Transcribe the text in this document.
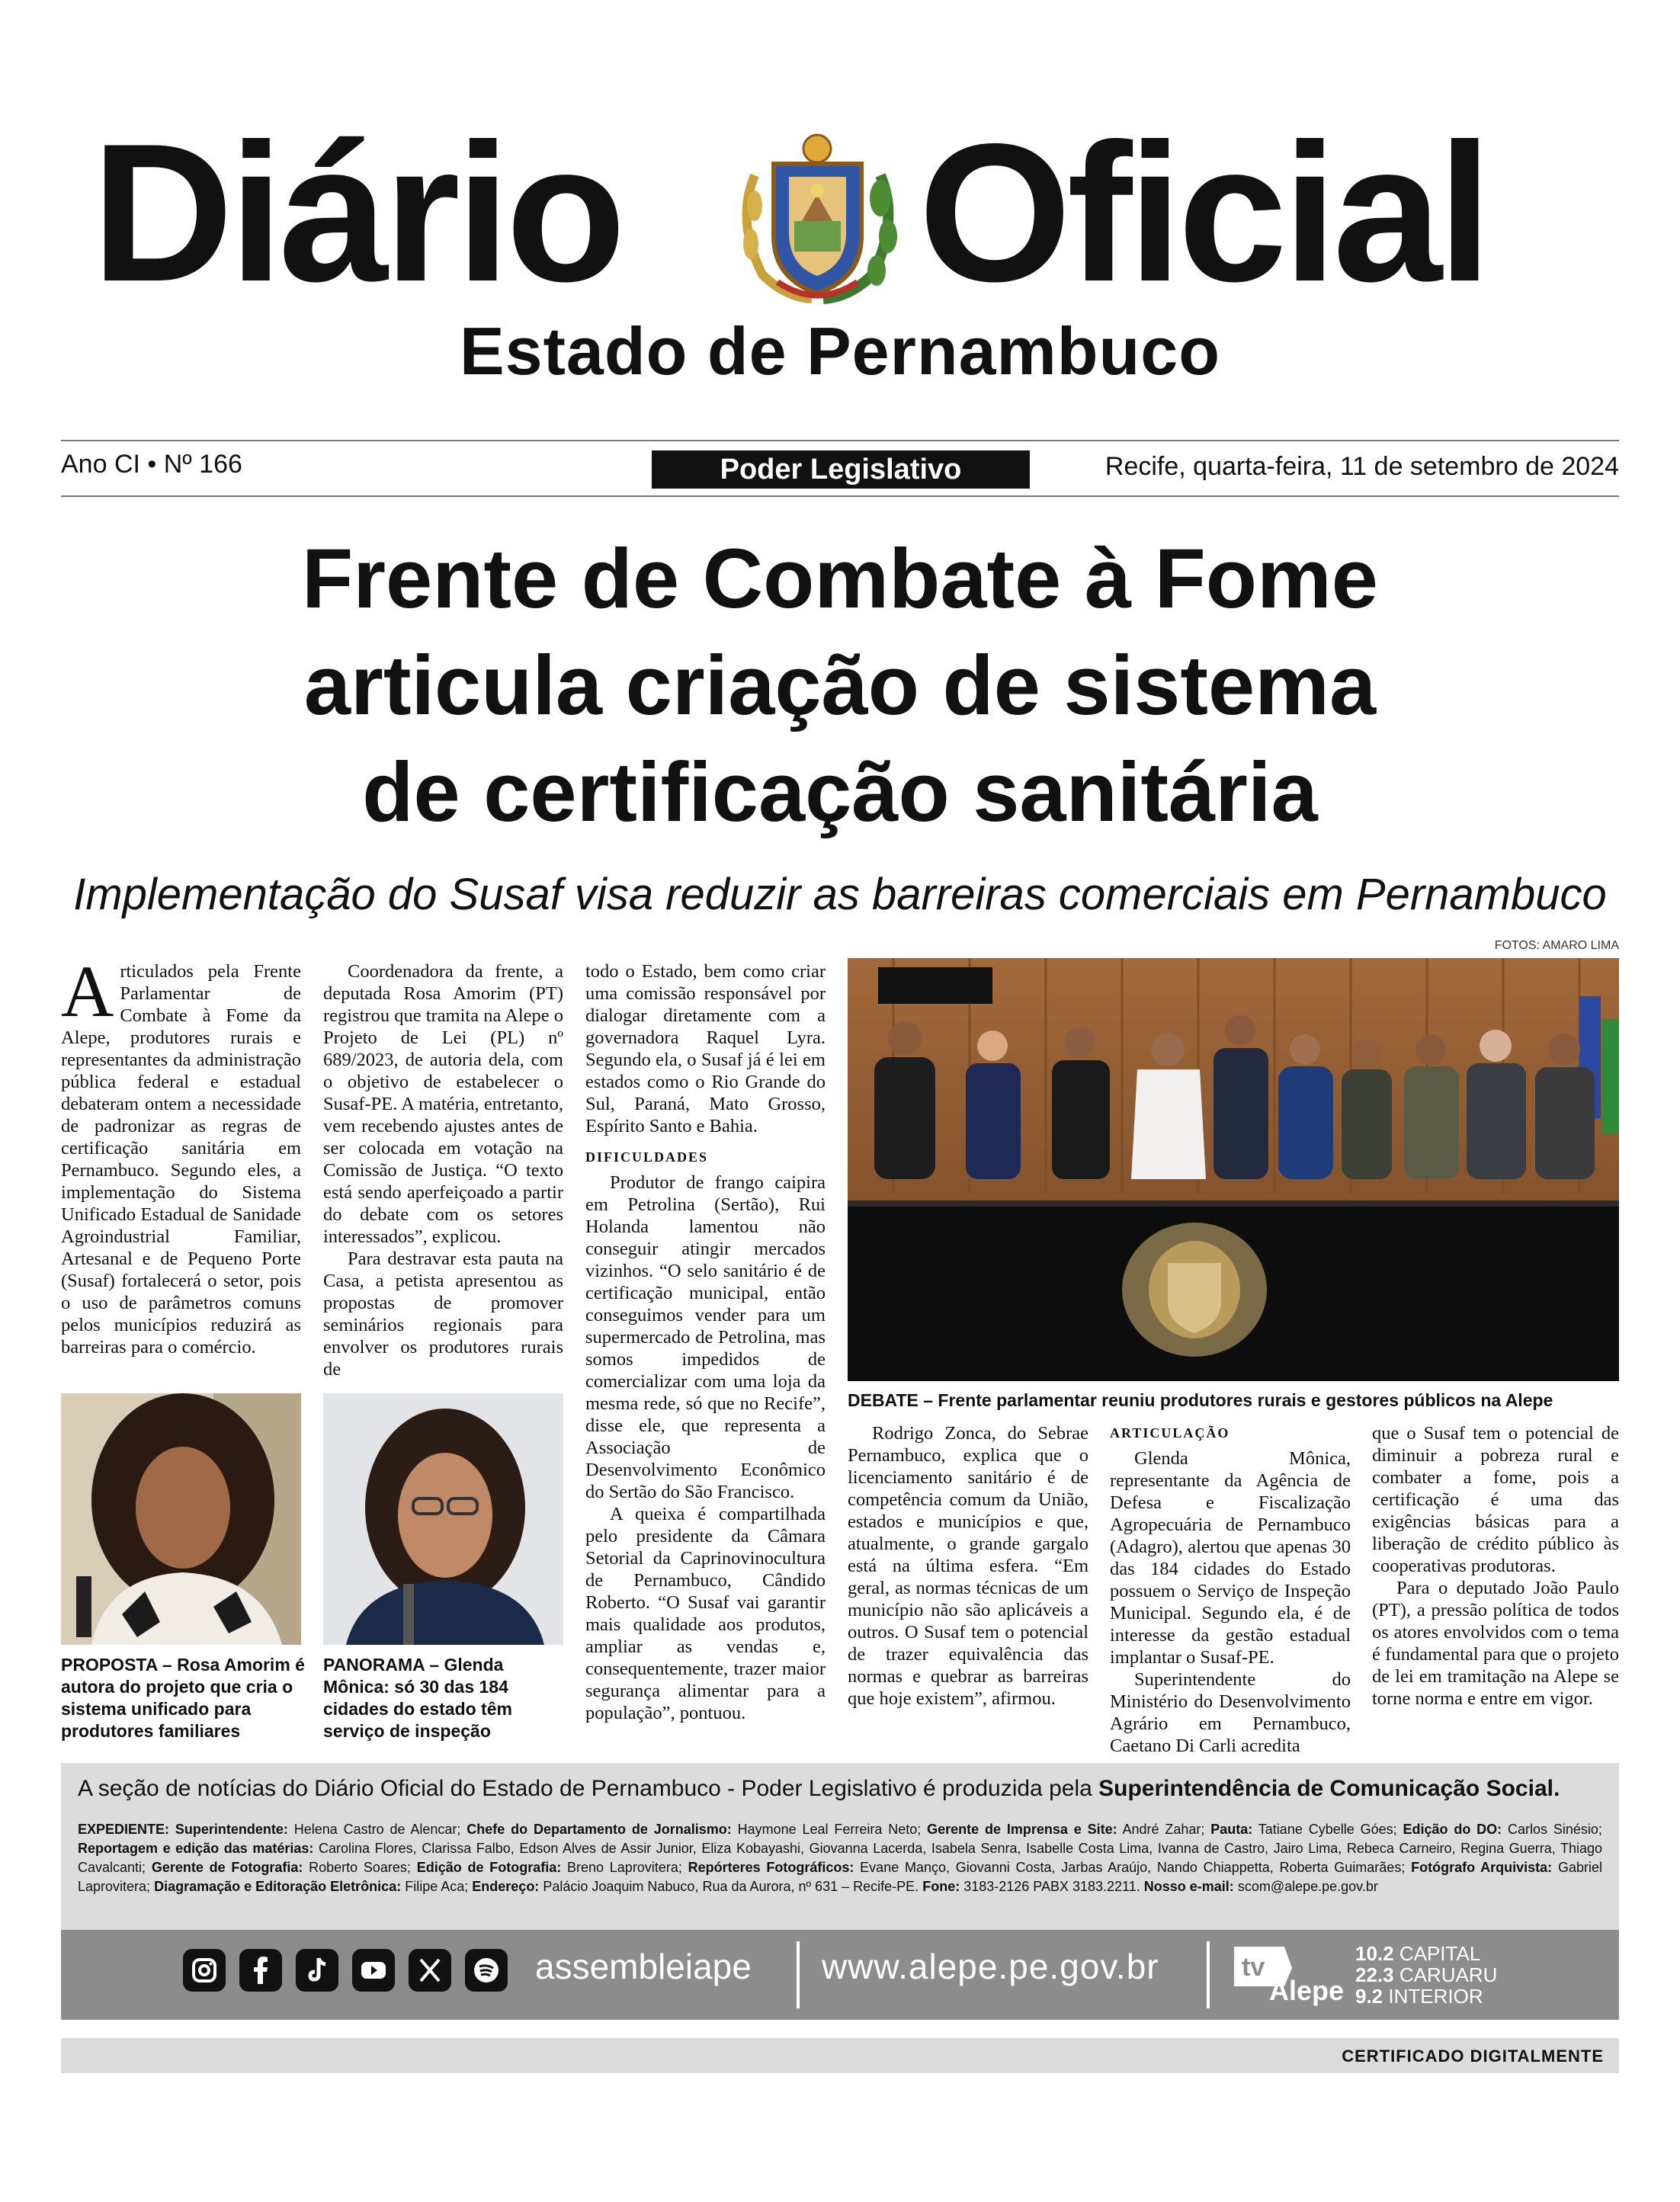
Diário Oficial
Estado de Pernambuco
Ano CI • Nº 166	Poder Legislativo	Recife, quarta-feira, 11 de setembro de 2024
Frente de Combate à Fome
articula criação de sistema
de certificação sanitária
Implementação do Susaf visa reduzir as barreiras comerciais em Pernambuco
FOTOS: AMARO LIMA
A rticulados pela Frente Parlamentar de Combate à Fome da Alepe, produtores rurais e representantes da administração pública federal e estadual debateram ontem a necessidade de padronizar as regras de certificação sanitária em Pernambuco. Segundo eles, a implementação do Sistema Unificado Estadual de Sanidade Agroindustrial Familiar, Artesanal e de Pequeno Porte (Susaf) fortalecerá o setor, pois o uso de parâmetros comuns pelos municípios reduzirá as barreiras para o comércio.

Coordenadora da frente, a deputada Rosa Amorim (PT) registrou que tramita na Alepe o Projeto de Lei (PL) nº 689/2023, de autoria dela, com o objetivo de estabelecer o Susaf-PE. A matéria, entretanto, vem recebendo ajustes antes de ser colocada em votação na Comissão de Justiça. “O texto está sendo aperfeiçoado a partir do debate com os setores interessados”, explicou.

Para destravar esta pauta na Casa, a petista apresentou as propostas de promover seminários regionais para envolver os produtores rurais de

todo o Estado, bem como criar uma comissão responsável por dialogar diretamente com a governadora Raquel Lyra. Segundo ela, o Susaf já é lei em estados como o Rio Grande do Sul, Paraná, Mato Grosso, Espírito Santo e Bahia.

DIFICULDADES

Produtor de frango caipira em Petrolina (Sertão), Rui Holanda lamentou não conseguir atingir mercados vizinhos. “O selo sanitário é de certificação municipal, então conseguimos vender para um supermercado de Petrolina, mas somos impedidos de comercializar com uma loja da mesma rede, só que no Recife”, disse ele, que representa a Associação de Desenvolvimento Econômico do Sertão do São Francisco.

A queixa é compartilhada pelo presidente da Câmara Setorial da Caprinovinocultura de Pernambuco, Cândido Roberto. “O Susaf vai garantir mais qualidade aos produtos, ampliar as vendas e, consequentemente, trazer maior segurança alimentar para a população”, pontuou.

DEBATE – Frente parlamentar reuniu produtores rurais e gestores públicos na Alepe

Rodrigo Zonca, do Sebrae Pernambuco, explica que o licenciamento sanitário é de competência comum da União, estados e municípios e que, atualmente, o grande gargalo está na última esfera. “Em geral, as normas técnicas de um município não são aplicáveis a outros. O Susaf tem o potencial de trazer equivalência das normas e quebrar as barreiras que hoje existem”, afirmou.

ARTICULAÇÃO

Glenda Mônica, representante da Agência de Defesa e Fiscalização Agropecuária de Pernambuco (Adagro), alertou que apenas 30 das 184 cidades do Estado possuem o Serviço de Inspeção Municipal. Segundo ela, é de interesse da gestão estadual implantar o Susaf-PE.

Superintendente do Ministério do Desenvolvimento Agrário em Pernambuco, Caetano Di Carli acredita

que o Susaf tem o potencial de diminuir a pobreza rural e combater a fome, pois a certificação é uma das exigências básicas para a liberação de crédito público às cooperativas produtoras.

Para o deputado João Paulo (PT), a pressão política de todos os atores envolvidos com o tema é fundamental para que o projeto de lei em tramitação na Alepe se torne norma e entre em vigor.

PROPOSTA – Rosa Amorim é autora do projeto que cria o sistema unificado para produtores familiares
PANORAMA – Glenda Mônica: só 30 das 184 cidades do estado têm serviço de inspeção
A seção de notícias do Diário Oficial do Estado de Pernambuco - Poder Legislativo é produzida pela Superintendência de Comunicação Social.
EXPEDIENTE: Superintendente: Helena Castro de Alencar; Chefe do Departamento de Jornalismo: Haymone Leal Ferreira Neto; Gerente de Imprensa e Site: André Zahar; Pauta: Tatiane Cybelle Góes; Edição do DO: Carlos Sinésio; Reportagem e edição das matérias: Carolina Flores, Clarissa Falbo, Edson Alves de Assir Junior, Eliza Kobayashi, Giovanna Lacerda, Isabela Senra, Isabelle Costa Lima, Ivanna de Castro, Jairo Lima, Rebeca Carneiro, Regina Guerra, Thiago Cavalcanti; Gerente de Fotografia: Roberto Soares; Edição de Fotografia: Breno Laprovitera; Repórteres Fotográficos: Evane Manço, Giovanni Costa, Jarbas Araújo, Nando Chiappetta, Roberta Guimarães; Fotógrafo Arquivista: Gabriel Laprovitera; Diagramação e Editoração Eletrônica: Filipe Aca; Endereço: Palácio Joaquim Nabuco, Rua da Aurora, nº 631 – Recife-PE. Fone: 3183-2126 PABX 3183.2211. Nosso e-mail: scom@alepe.pe.gov.br
assembleiape www.alepe.pe.gov.br	tv
Alepe
10.2 CAPITAL
22.3 CARUARU
9.2 INTERIOR
CERTIFICADO DIGITALMENTE
